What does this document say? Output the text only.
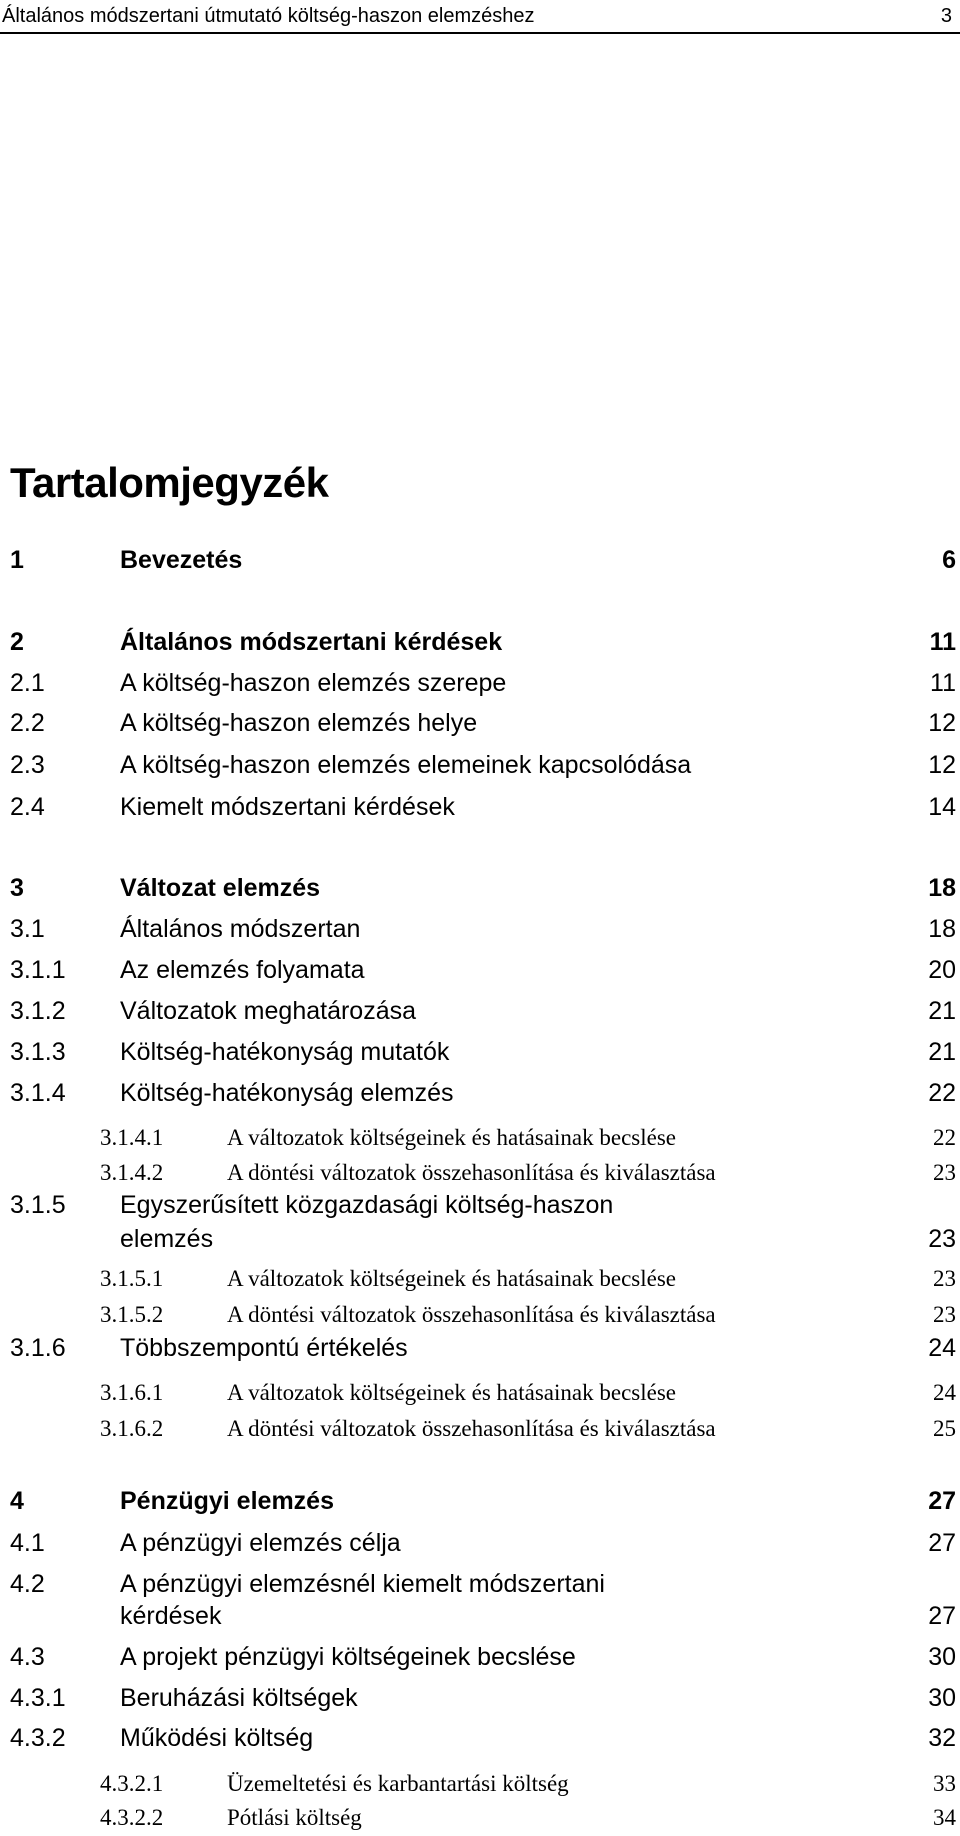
Általános módszertani útmutató költség-haszon elemzéshez	3
Tartalomjegyzék
1	Bevezetés	6
2	Általános módszertani kérdések	11
2.1	A költség-haszon elemzés szerepe	11
2.2	A költség-haszon elemzés helye	12
2.3	A költség-haszon elemzés elemeinek kapcsolódása	12
2.4	Kiemelt módszertani kérdések	14
3	Változat elemzés	18
3.1	Általános módszertan	18
3.1.1 Az elemzés folyamata	20
3.1.2 Változatok meghatározása	21
3.1.3 Költség-hatékonyság mutatók	21
3.1.4 Költség-hatékonyság elemzés	22
3.1.4.1	A változatok költségeinek és hatásainak becslése	22
3.1.4.2	A döntési változatok összehasonlítása és kiválasztása	23
3.1.5 Egyszerűsített közgazdasági költség-haszon
elemzés	23
3.1.5.1	A változatok költségeinek és hatásainak becslése	23
3.1.5.2	A döntési változatok összehasonlítása és kiválasztása	23
3.1.6 Többszempontú értékelés	24
3.1.6.1	A változatok költségeinek és hatásainak becslése	24
3.1.6.2	A döntési változatok összehasonlítása és kiválasztása	25
4	Pénzügyi elemzés	27
4.1	A pénzügyi elemzés célja	27
4.2	A pénzügyi elemzésnél kiemelt módszertani
kérdések	27
4.3	A projekt pénzügyi költségeinek becslése	30
4.3.1 Beruházási költségek	30
4.3.2 Működési költség	32
4.3.2.1	Üzemeltetési és karbantartási költség	33
4.3.2.2	Pótlási költség	34
